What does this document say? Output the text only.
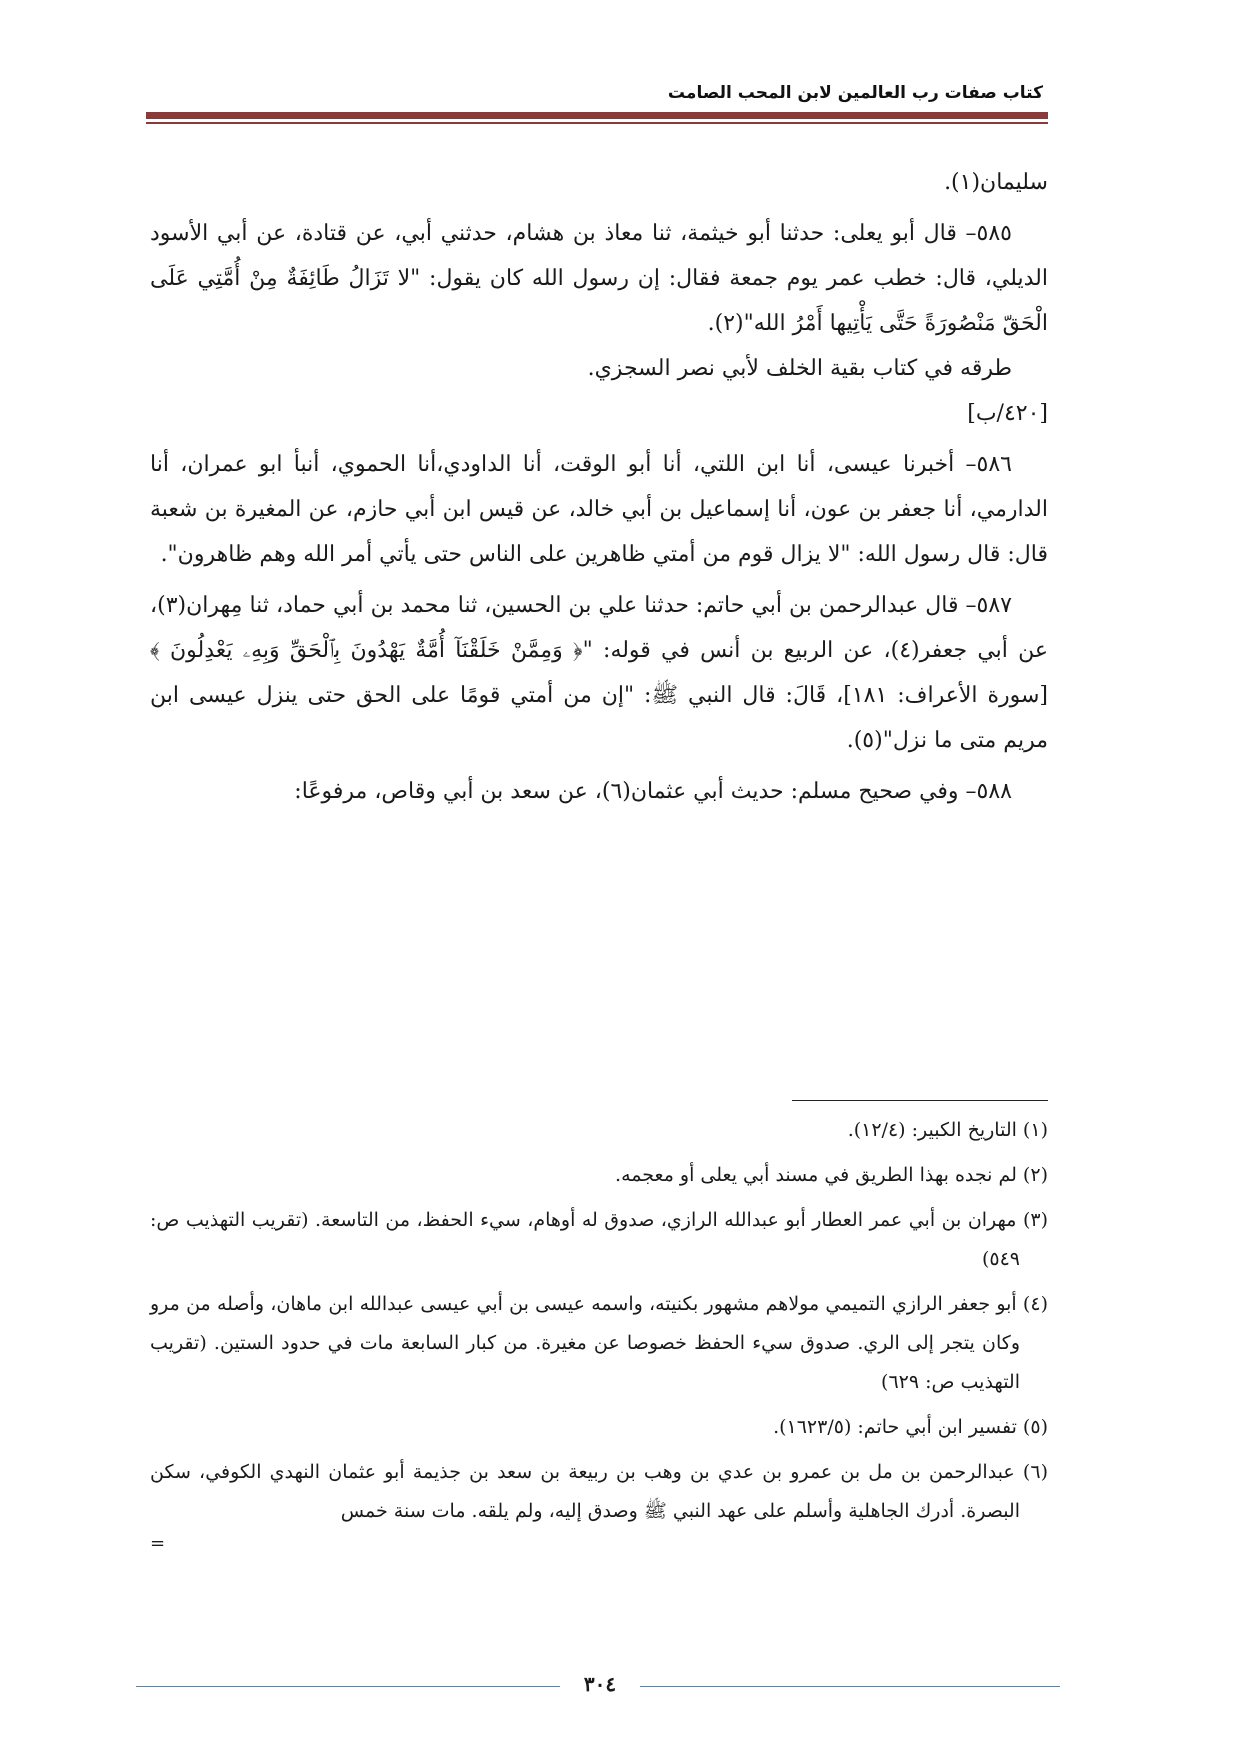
كتاب صفات رب العالمين لابن المحب الصامت

سليمان(١).

٥٨٥– قال أبو يعلى: حدثنا أبو خيثمة، ثنا معاذ بن هشام، حدثني أبي، عن قتادة، عن أبي الأسود الديلي، قال: خطب عمر يوم جمعة فقال: إن رسول الله كان يقول: "لا تَزَالُ طَائِفَةٌ مِنْ أُمَّتِي عَلَى الْحَقّ مَنْصُورَةً حَتَّى يَأْتِيها أَمْرُ الله"(٢).

طرقه في كتاب بقية الخلف لأبي نصر السجزي.

[٤٢٠/ب]

٥٨٦– أخبرنا عيسى، أنا ابن اللتي، أنا أبو الوقت، أنا الداودي،أنا الحموي، أنبأ ابو عمران، أنا الدارمي، أنا جعفر بن عون، أنا إسماعيل بن أبي خالد، عن قيس ابن أبي حازم، عن المغيرة بن شعبة قال: قال رسول الله: "لا يزال قوم من أمتي ظاهرين على الناس حتى يأتي أمر الله وهم ظاهرون".

٥٨٧– قال عبدالرحمن بن أبي حاتم: حدثنا علي بن الحسين، ثنا محمد بن أبي حماد، ثنا مِهران(٣)، عن أبي جعفر(٤)، عن الربيع بن أنس في قوله: "﴿ وَمِمَّنْ خَلَقْنَآ أُمَّةٌ يَهْدُونَ بِٱلْحَقِّ وَبِهِۦ يَعْدِلُونَ ﴾ [سورة الأعراف: ١٨١]، قَالَ: قال النبي ﷺ: "إن من أمتي قومًا على الحق حتى ينزل عيسى ابن مريم متى ما نزل"(٥).

٥٨٨– وفي صحيح مسلم: حديث أبي عثمان(٦)، عن سعد بن أبي وقاص، مرفوعًا:

(١) التاريخ الكبير: (١٢/٤).

(٢) لم نجده بهذا الطريق في مسند أبي يعلى أو معجمه.

(٣) مهران بن أبي عمر العطار أبو عبدالله الرازي، صدوق له أوهام، سيء الحفظ، من التاسعة. (تقريب التهذيب ص: ٥٤٩)

(٤) أبو جعفر الرازي التميمي مولاهم مشهور بكنيته، واسمه عيسى بن أبي عيسى عبدالله ابن ماهان، وأصله من مرو وكان يتجر إلى الري. صدوق سيء الحفظ خصوصا عن مغيرة. من كبار السابعة مات في حدود الستين. (تقريب التهذيب ص: ٦٢٩)

(٥) تفسير ابن أبي حاتم: (١٦٢٣/٥).

(٦) عبدالرحمن بن مل بن عمرو بن عدي بن وهب بن ربيعة بن سعد بن جذيمة أبو عثمان النهدي الكوفي، سكن البصرة. أدرك الجاهلية وأسلم على عهد النبي ﷺ وصدق إليه، ولم يلقه. مات سنة خمس

=
٣٠٤
